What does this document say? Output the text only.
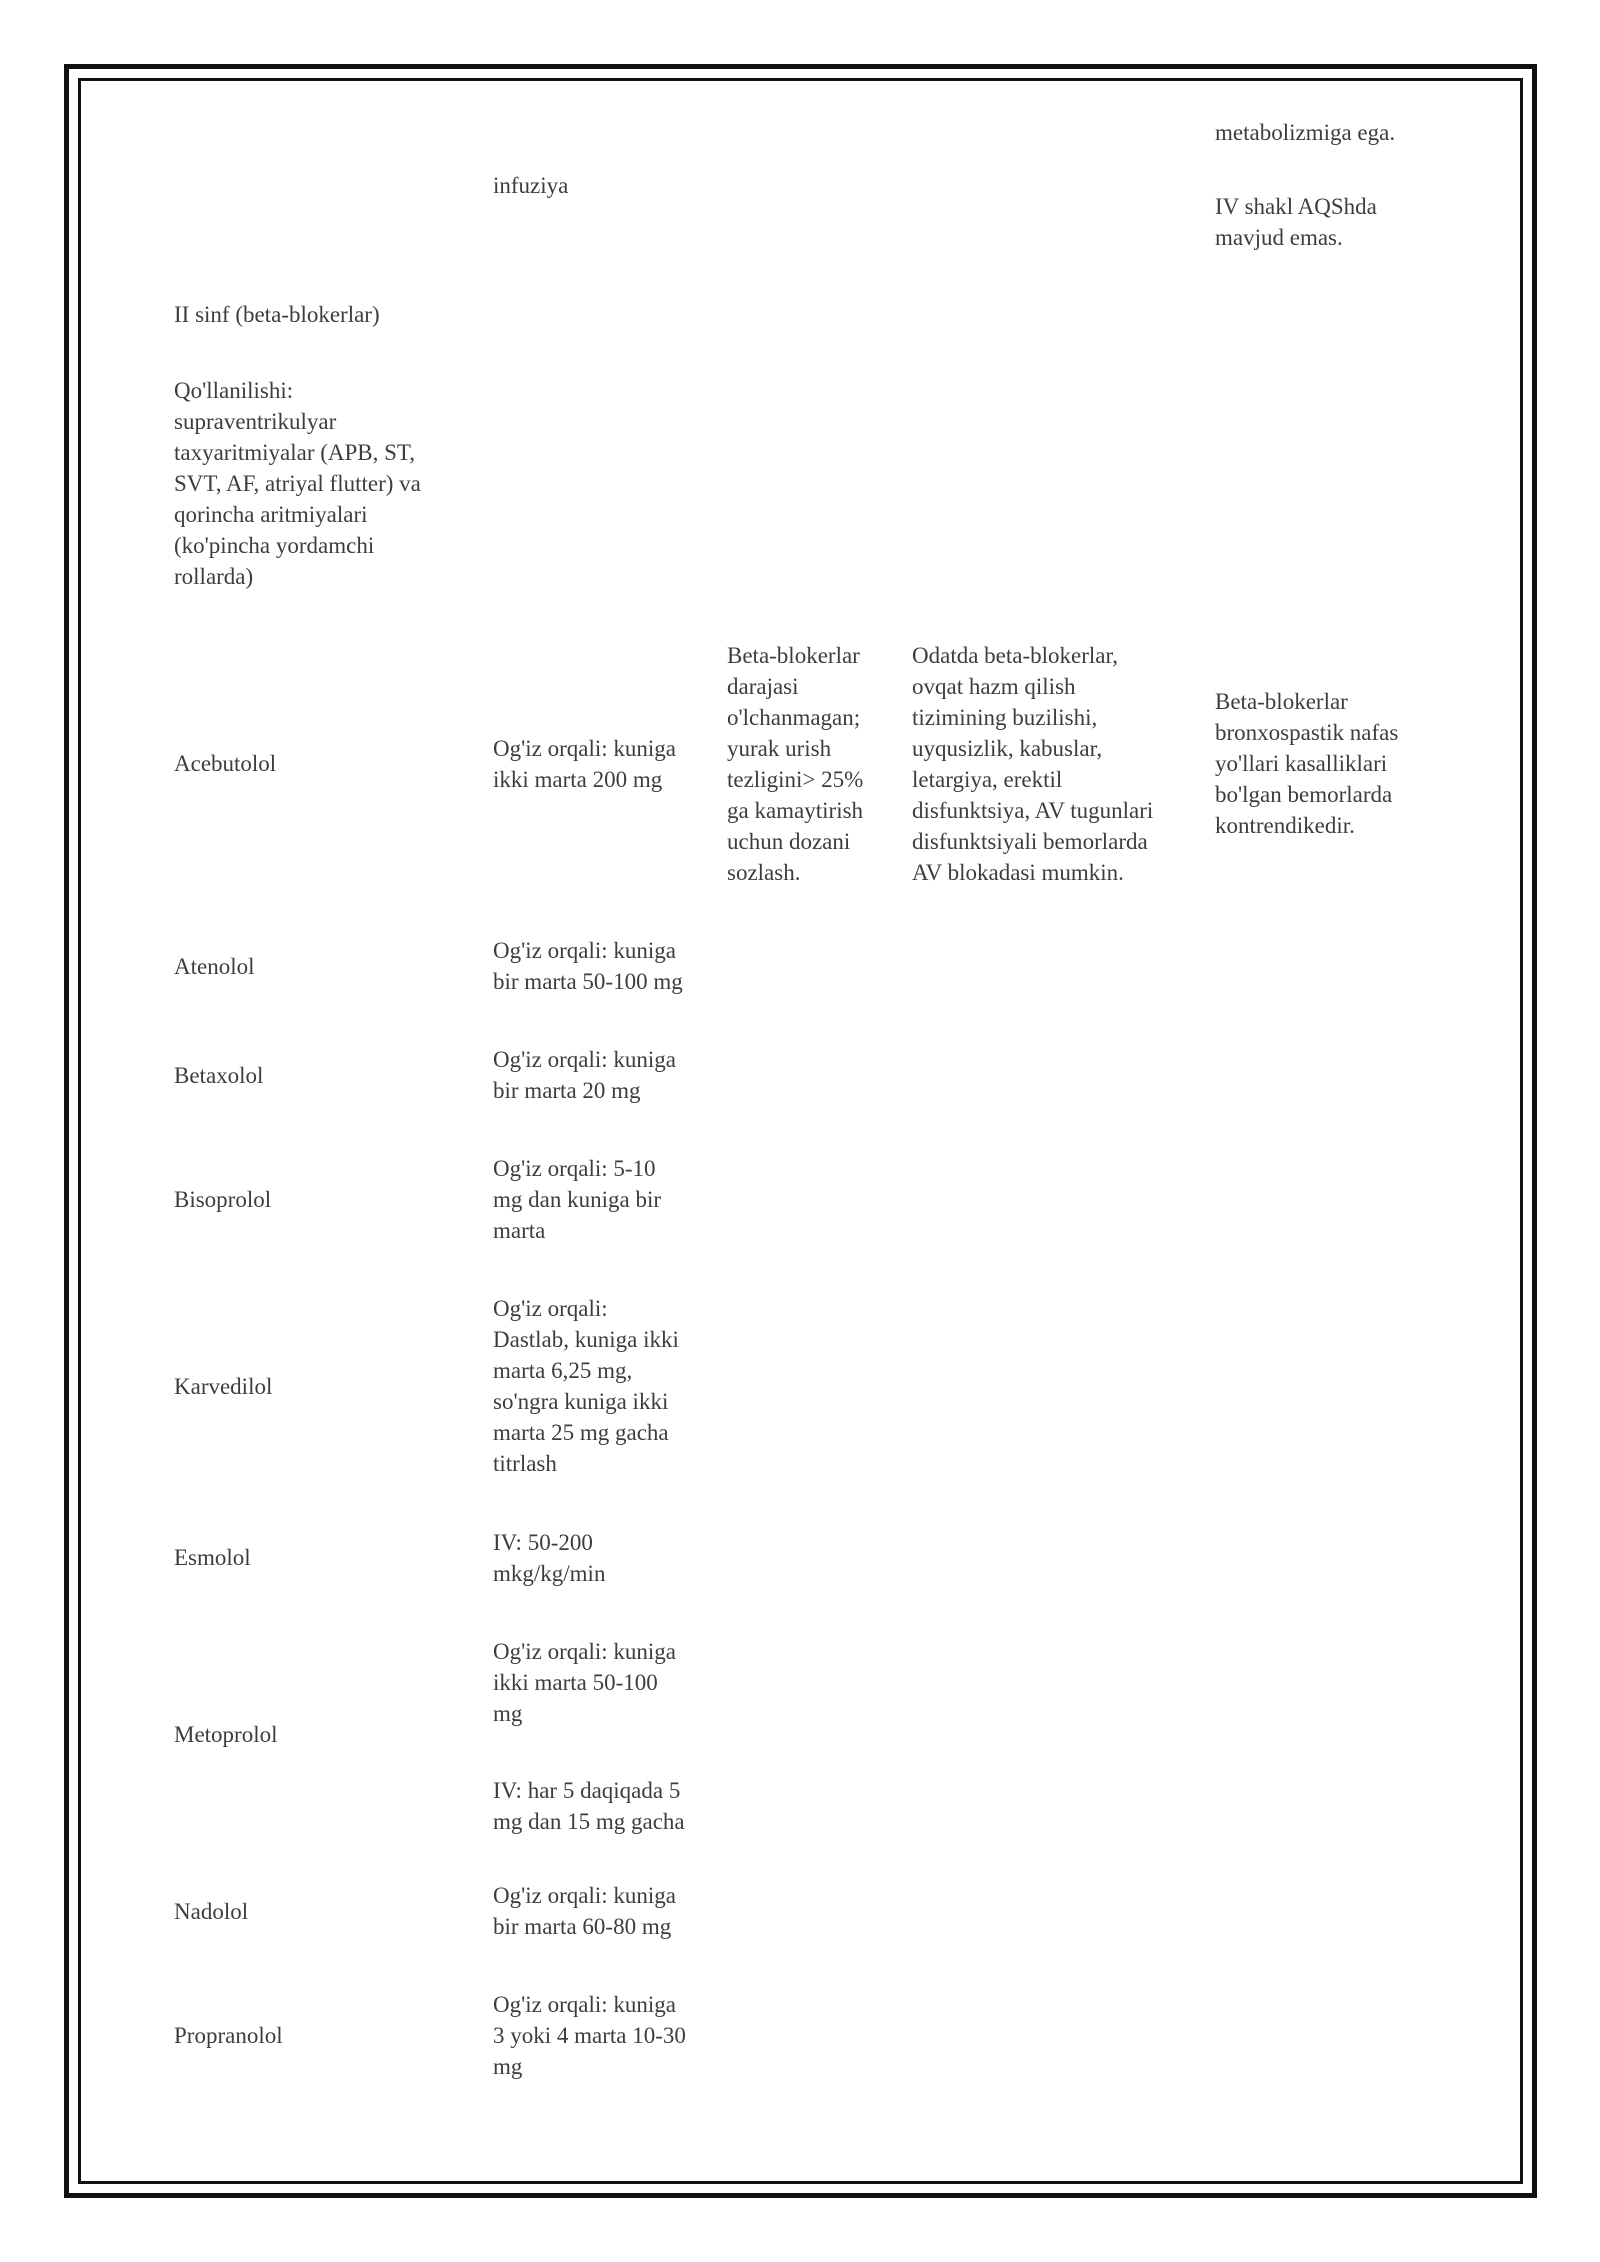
infuziya
metabolizmiga ega.
IV shakl AQShda
mavjud emas.
II sinf (beta-blokerlar)
Qo'llanilishi:
supraventrikulyar
taxyaritmiyalar (APB, ST,
SVT, AF, atriyal flutter) va
qorincha aritmiyalari
(ko'pincha yordamchi
rollarda)
Beta-blokerlar
darajasi
o'lchanmagan;
yurak urish
tezligini> 25%
ga kamaytirish
uchun dozani
sozlash.
Odatda beta-blokerlar,
ovqat hazm qilish
tizimining buzilishi,
uyqusizlik, kabuslar,
letargiya, erektil
disfunktsiya, AV tugunlari
disfunktsiyali bemorlarda
AV blokadasi mumkin.
Beta-blokerlar
bronxospastik nafas
yo'llari kasalliklari
bo'lgan bemorlarda
kontrendikedir.
Acebutolol
Og'iz orqali: kuniga
ikki marta 200 mg
Atenolol
Og'iz orqali: kuniga
bir marta 50-100 mg
Betaxolol
Og'iz orqali: kuniga
bir marta 20 mg
Bisoprolol
Og'iz orqali: 5-10
mg dan kuniga bir
marta
Karvedilol
Og'iz orqali:
Dastlab, kuniga ikki
marta 6,25 mg,
so'ngra kuniga ikki
marta 25 mg gacha
titrlash
Esmolol
IV: 50-200
mkg/kg/min
Metoprolol
Og'iz orqali: kuniga
ikki marta 50-100
mg
IV: har 5 daqiqada 5
mg dan 15 mg gacha
Nadolol
Og'iz orqali: kuniga
bir marta 60-80 mg
Propranolol
Og'iz orqali: kuniga
3 yoki 4 marta 10-30
mg
